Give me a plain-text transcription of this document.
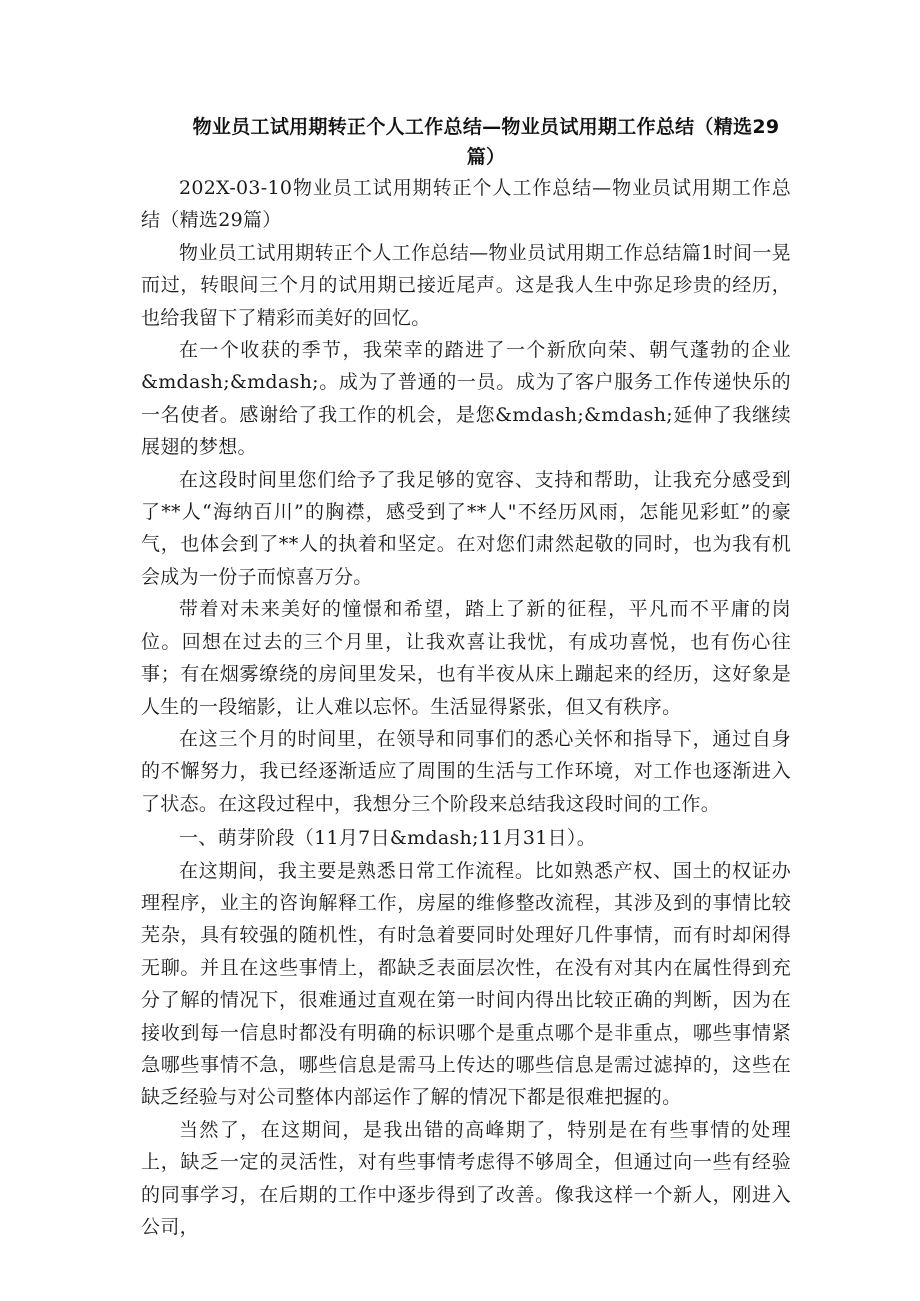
物业员工试用期转正个人工作总结—物业员试用期工作总结（精选29篇）

202X-03-10物业员工试用期转正个人工作总结—物业员试用期工作总结（精选29篇）

物业员工试用期转正个人工作总结—物业员试用期工作总结篇1时间一晃而过，转眼间三个月的试用期已接近尾声。这是我人生中弥足珍贵的经历，也给我留下了精彩而美好的回忆。

在一个收获的季节，我荣幸的踏进了一个新欣向荣、朝气蓬勃的企业&mdash;&mdash;。成为了普通的一员。成为了客户服务工作传递快乐的一名使者。感谢给了我工作的机会，是您&mdash;&mdash;延伸了我继续展翅的梦想。

在这段时间里您们给予了我足够的宽容、支持和帮助，让我充分感受到了**人“海纳百川”的胸襟，感受到了**人"不经历风雨，怎能见彩虹”的豪气，也体会到了**人的执着和坚定。在对您们肃然起敬的同时，也为我有机会成为一份子而惊喜万分。

带着对未来美好的憧憬和希望，踏上了新的征程，平凡而不平庸的岗位。回想在过去的三个月里，让我欢喜让我忧，有成功喜悦，也有伤心往事；有在烟雾缭绕的房间里发呆，也有半夜从床上蹦起来的经历，这好象是人生的一段缩影，让人难以忘怀。生活显得紧张，但又有秩序。

在这三个月的时间里，在领导和同事们的悉心关怀和指导下，通过自身的不懈努力，我已经逐渐适应了周围的生活与工作环境，对工作也逐渐进入了状态。在这段过程中，我想分三个阶段来总结我这段时间的工作。

一、萌芽阶段（11月7日&mdash;11月31日）。

在这期间，我主要是熟悉日常工作流程。比如熟悉产权、国土的权证办理程序，业主的咨询解释工作，房屋的维修整改流程，其涉及到的事情比较芜杂，具有较强的随机性，有时急着要同时处理好几件事情，而有时却闲得无聊。并且在这些事情上，都缺乏表面层次性，在没有对其内在属性得到充分了解的情况下，很难通过直观在第一时间内得出比较正确的判断，因为在接收到每一信息时都没有明确的标识哪个是重点哪个是非重点，哪些事情紧急哪些事情不急，哪些信息是需马上传达的哪些信息是需过滤掉的，这些在缺乏经验与对公司整体内部运作了解的情况下都是很难把握的。

当然了，在这期间，是我出错的高峰期了，特别是在有些事情的处理上，缺乏一定的灵活性，对有些事情考虑得不够周全，但通过向一些有经验的同事学习，在后期的工作中逐步得到了改善。像我这样一个新人，刚进入公司，
